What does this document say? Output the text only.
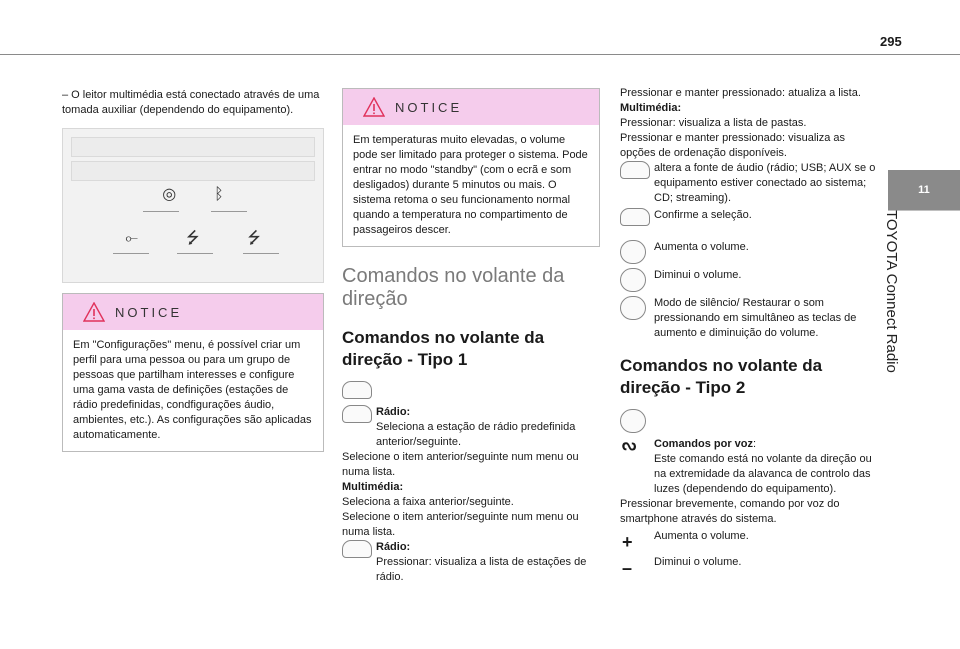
295
11
TOYOTA Connect Radio

– O leitor multimédia está conectado através de uma tomada auxiliar (dependendo do equipamento).

◎ ᛒ
⟜	⭍	⭍
NOTICE
Em "Configurações" menu, é possível criar um perfil para uma pessoa ou para um grupo de pessoas que partilham interesses e configure uma gama vasta de definições (estações de rádio predefinidas, condfigurações áudio, ambientes, etc.). As configurações são aplicadas automaticamente.
NOTICE
Em temperaturas muito elevadas, o volume pode ser limitado para proteger o sistema. Pode entrar no modo "standby" (com o ecrã e som desligados) durante 5 minutos ou mais. O sistema retoma o seu funcionamento normal quando a temperatura no compartimento de passageiros descer.
Comandos no volante da direção
Comandos no volante da direção - Tipo 1

Rádio:
Seleciona a estação de rádio predefinida anterior/seguinte.

Selecione o item anterior/seguinte num menu ou numa lista.

Multimédia:

Seleciona a faixa anterior/seguinte.

Selecione o item anterior/seguinte num menu ou numa lista.

Rádio:
Pressionar: visualiza a lista de estações de rádio.

Pressionar e manter pressionado: atualiza a lista.

Multimédia:

Pressionar: visualiza a lista de pastas.

Pressionar e manter pressionado: visualiza as opções de ordenação disponíveis.

altera a fonte de áudio (rádio; USB; AUX se o equipamento estiver conectado ao sistema; CD; streaming).

Confirme a seleção.

Aumenta o volume.

Diminui o volume.

Modo de silêncio/ Restaurar o som pressionando em simultâneo as teclas de aumento e diminuição do volume.

Comandos no volante da direção - Tipo 2
ᔓ Comandos por voz:
Este comando está no volante da direção ou na extremidade da alavanca de controlo das luzes (dependendo do equipamento).

Pressionar brevemente, comando por voz do smartphone através do sistema.

+ Aumenta o volume.

– Diminui o volume.
